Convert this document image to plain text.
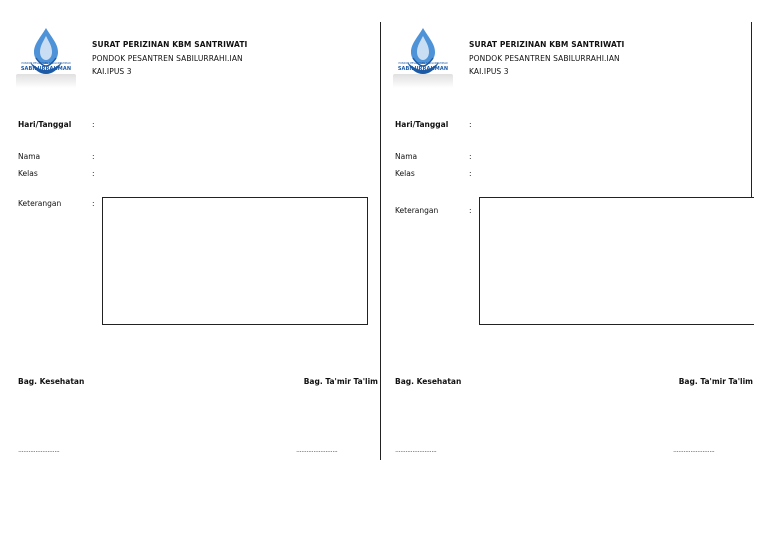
PONDOK PESANTREN SABILURRAHMAN
SABILURRAHMAN
SURAT PERIZINAN KBM SANTRIWATI
PONDOK PESANTREN SABILURRAHI.IAN
KAI.IPUS 3
Hari/Tanggal	:
Nama	:
Kelas	:
Keterangan	:
Bag. Kesehatan	Bag. Ta'mir Ta'lim
........................	........................
PONDOK PESANTREN SABILURRAHMAN
SABILURRAHMAN
SURAT PERIZINAN KBM SANTRIWATI
PONDOK PESANTREN SABILURRAHI.IAN
KAI.IPUS 3
Hari/Tanggal	:
Nama	:
Kelas	:
Keterangan	:
Bag. Kesehatan	Bag. Ta'mir Ta'lim
........................	........................
